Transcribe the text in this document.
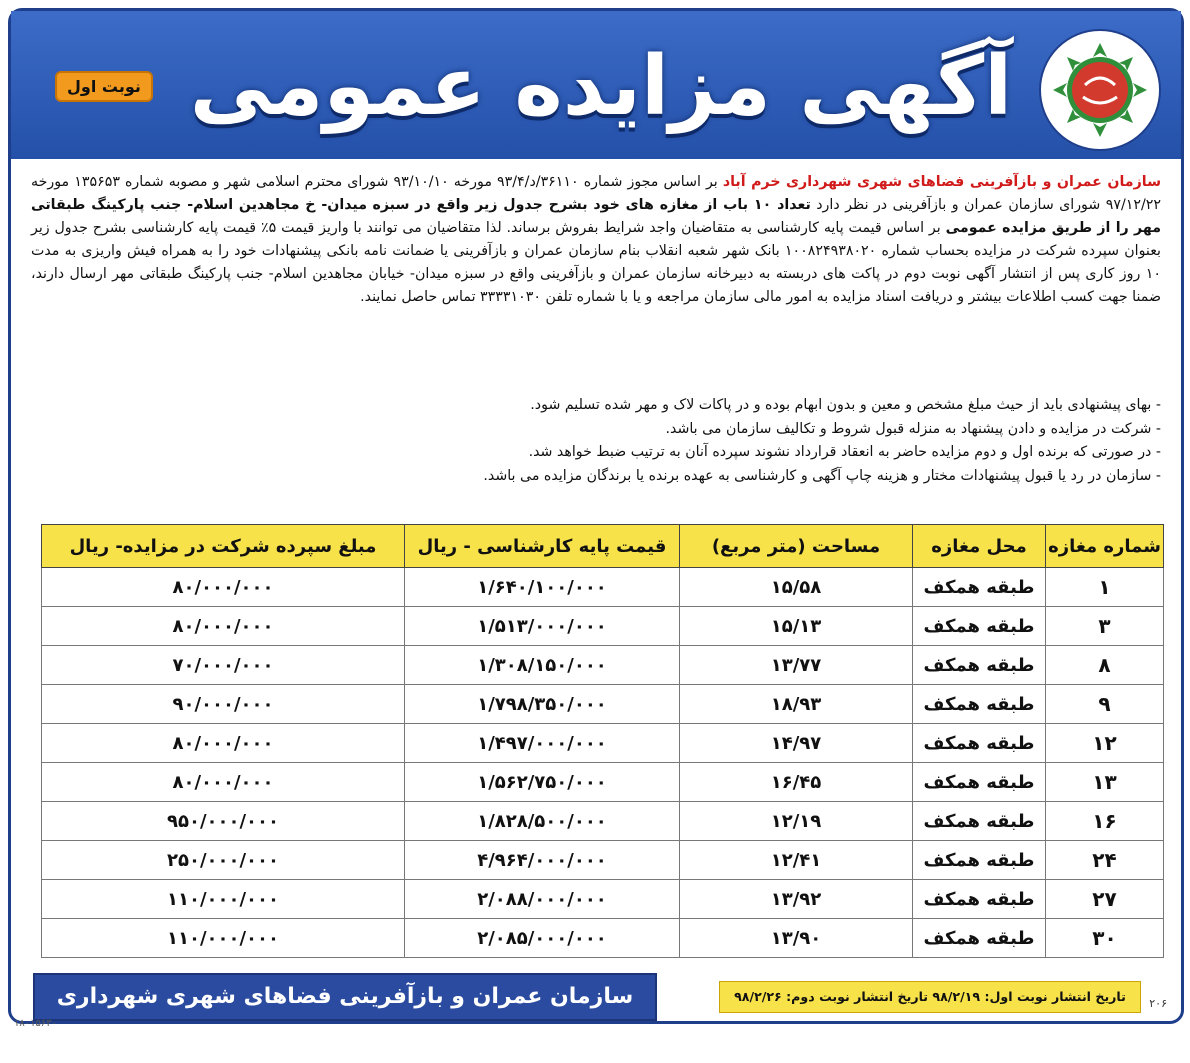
آگهی مزایده عمومی
نوبت اول
سازمان عمران و بازآفرینی فضاهای شهری شهرداری خرم آباد بر اساس مجوز شماره ۳۶۱۱۰/د/۹۳/۴ مورخه ۹۳/۱۰/۱۰ شورای محترم اسلامی شهر و مصوبه شماره ۱۳۵۶۵۳ مورخه ۹۷/۱۲/۲۲ شورای سازمان عمران و بازآفرینی در نظر دارد تعداد ۱۰ باب از مغازه های خود بشرح جدول زیر واقع در سبزه میدان- خ مجاهدین اسلام- جنب پارکینگ طبقاتی مهر را از طریق مزایده عمومی بر اساس قیمت پایه کارشناسی به متقاضیان واجد شرایط بفروش برساند. لذا متقاضیان می توانند با واریز قیمت ۵٪ قیمت پایه کارشناسی بشرح جدول زیر بعنوان سپرده شرکت در مزایده بحساب شماره ۱۰۰۸۲۴۹۳۸۰۲۰ بانک شهر شعبه انقلاب بنام سازمان عمران و بازآفرینی یا ضمانت نامه بانکی پیشنهادات خود را به همراه فیش واریزی به مدت ۱۰ روز کاری پس از انتشار آگهی نوبت دوم در پاکت های دربسته به دبیرخانه سازمان عمران و بازآفرینی واقع در سبزه میدان- خیابان مجاهدین اسلام- جنب پارکینگ طبقاتی مهر ارسال دارند، ضمنا جهت کسب اطلاعات بیشتر و دریافت اسناد مزایده به امور مالی سازمان مراجعه و یا با شماره تلفن ۳۳۳۳۱۰۳۰ تماس حاصل نمایند.
- بهای پیشنهادی باید از حیث مبلغ مشخص و معین و بدون ابهام بوده و در پاکات لاک و مهر شده تسلیم شود.
- شرکت در مزایده و دادن پیشنهاد به منزله قبول شروط و تکالیف سازمان می باشد.
- در صورتی که برنده اول و دوم مزایده حاضر به انعقاد قرارداد نشوند سپرده آنان به ترتیب ضبط خواهد شد.
- سازمان در رد یا قبول پیشنهادات مختار و هزینه چاپ آگهی و کارشناسی به عهده برنده یا برندگان مزایده می باشد.
شماره مغازه	محل مغازه	مساحت (متر مربع)	قیمت پایه کارشناسی - ریال	مبلغ سپرده شرکت در مزایده- ریال
۱	طبقه همکف	۱۵/۵۸	۱/۶۴۰/۱۰۰/۰۰۰	۸۰/۰۰۰/۰۰۰
۳	طبقه همکف	۱۵/۱۳	۱/۵۱۳/۰۰۰/۰۰۰	۸۰/۰۰۰/۰۰۰
۸	طبقه همکف	۱۳/۷۷	۱/۳۰۸/۱۵۰/۰۰۰	۷۰/۰۰۰/۰۰۰
۹	طبقه همکف	۱۸/۹۳	۱/۷۹۸/۳۵۰/۰۰۰	۹۰/۰۰۰/۰۰۰
۱۲	طبقه همکف	۱۴/۹۷	۱/۴۹۷/۰۰۰/۰۰۰	۸۰/۰۰۰/۰۰۰
۱۳	طبقه همکف	۱۶/۴۵	۱/۵۶۲/۷۵۰/۰۰۰	۸۰/۰۰۰/۰۰۰
۱۶	طبقه همکف	۱۲/۱۹	۱/۸۲۸/۵۰۰/۰۰۰	۹۵۰/۰۰۰/۰۰۰
۲۴	طبقه همکف	۱۲/۴۱	۴/۹۶۴/۰۰۰/۰۰۰	۲۵۰/۰۰۰/۰۰۰
۲۷	طبقه همکف	۱۳/۹۲	۲/۰۸۸/۰۰۰/۰۰۰	۱۱۰/۰۰۰/۰۰۰
۳۰	طبقه همکف	۱۳/۹۰	۲/۰۸۵/۰۰۰/۰۰۰	۱۱۰/۰۰۰/۰۰۰
سازمان عمران و بازآفرینی فضاهای شهری شهرداری خرم آباد
تاریخ انتشار نوبت اول: ۹۸/۲/۱۹ تاریخ انتشار نوبت دوم: ۹۸/۲/۲۶	۲۰۶
۱۸۰۱۵۶۳۰
